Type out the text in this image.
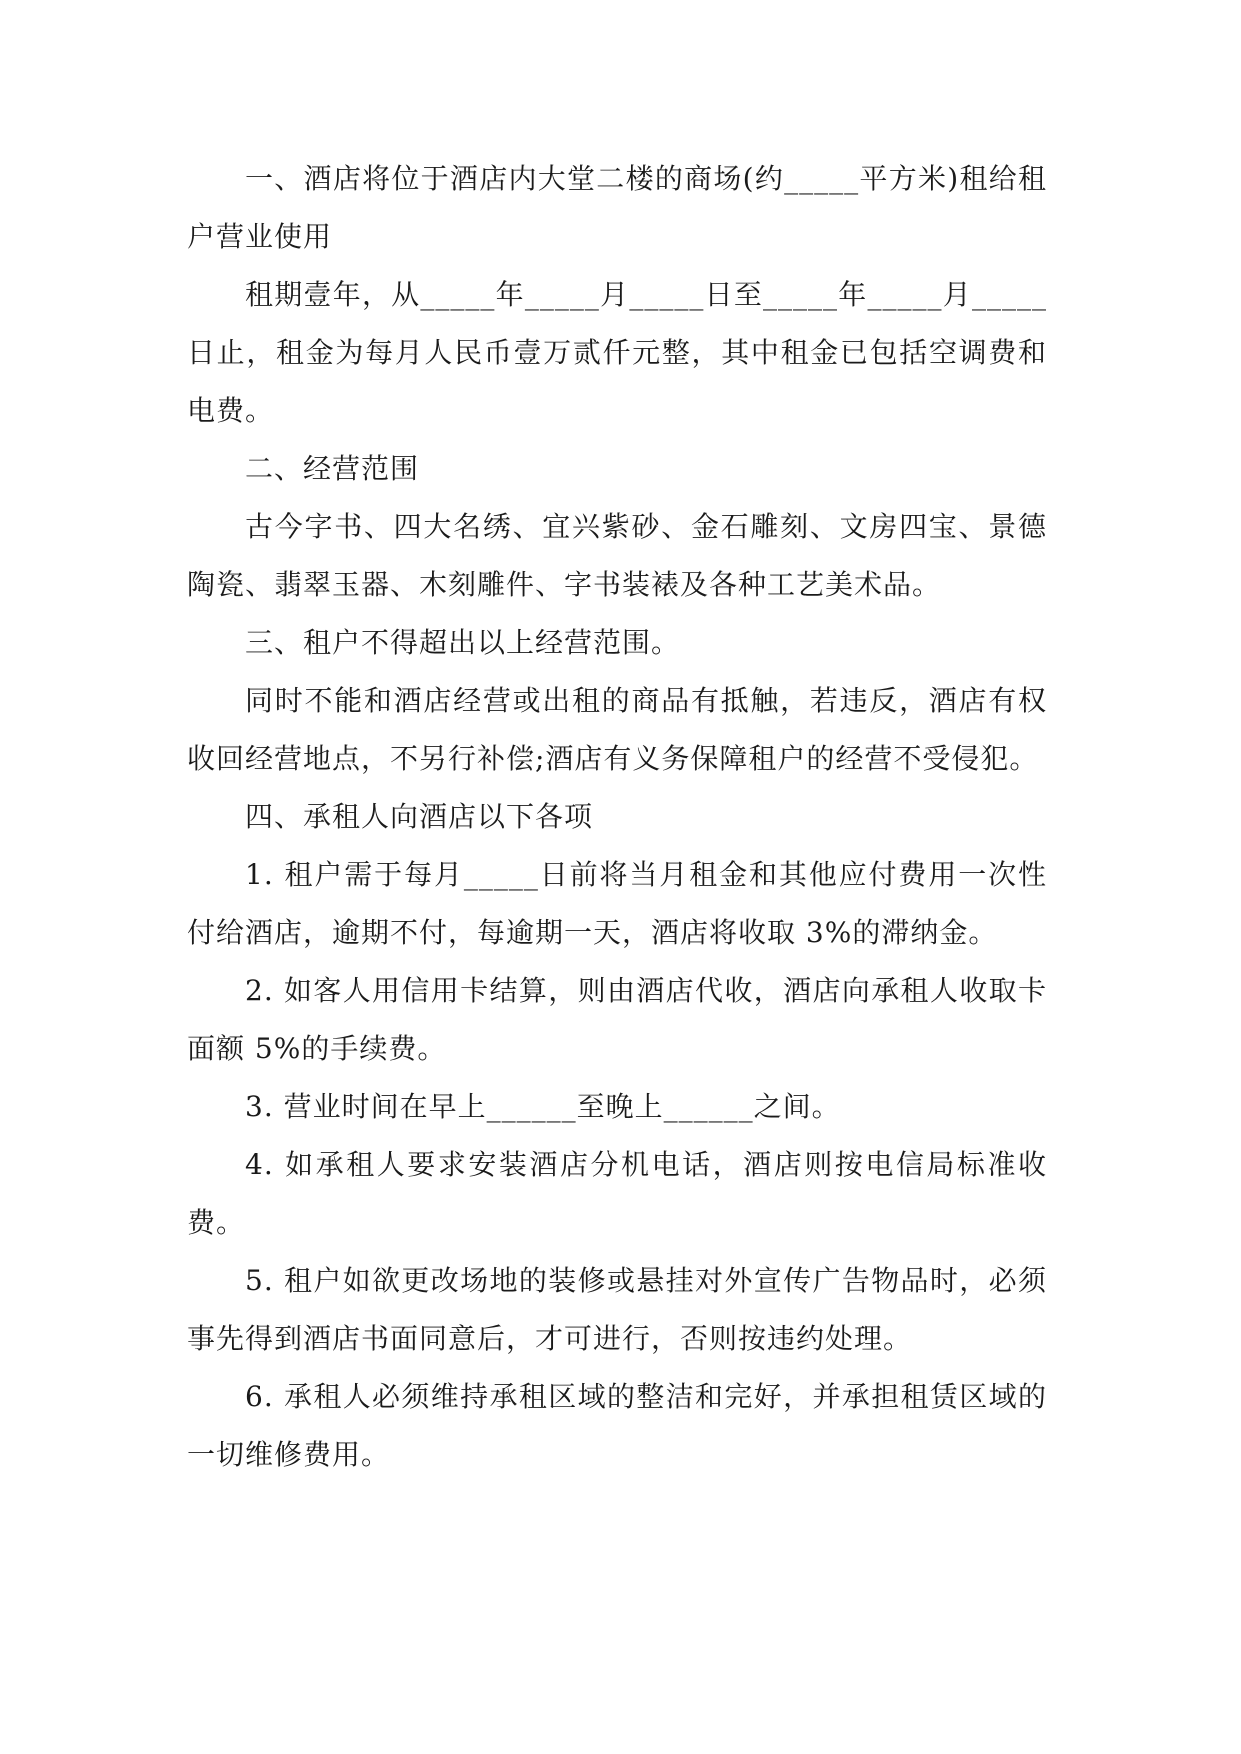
一、酒店将位于酒店内大堂二楼的商场(约_____平方米)租给租户营业使用

租期壹年，从_____年_____月_____日至_____年_____月_____日止，租金为每月人民币壹万贰仟元整，其中租金已包括空调费和电费。

二、经营范围

古今字书、四大名绣、宜兴紫砂、金石雕刻、文房四宝、景德陶瓷、翡翠玉器、木刻雕件、字书装裱及各种工艺美术品。

三、租户不得超出以上经营范围。

同时不能和酒店经营或出租的商品有抵触，若违反，酒店有权收回经营地点，不另行补偿;酒店有义务保障租户的经营不受侵犯。

四、承租人向酒店以下各项

1. 租户需于每月_____日前将当月租金和其他应付费用一次性付给酒店，逾期不付，每逾期一天，酒店将收取 3%的滞纳金。

2. 如客人用信用卡结算，则由酒店代收，酒店向承租人收取卡面额 5%的手续费。

3. 营业时间在早上______至晚上______之间。

4. 如承租人要求安装酒店分机电话，酒店则按电信局标准收费。

5. 租户如欲更改场地的装修或悬挂对外宣传广告物品时，必须事先得到酒店书面同意后，才可进行，否则按违约处理。

6. 承租人必须维持承租区域的整洁和完好，并承担租赁区域的一切维修费用。
